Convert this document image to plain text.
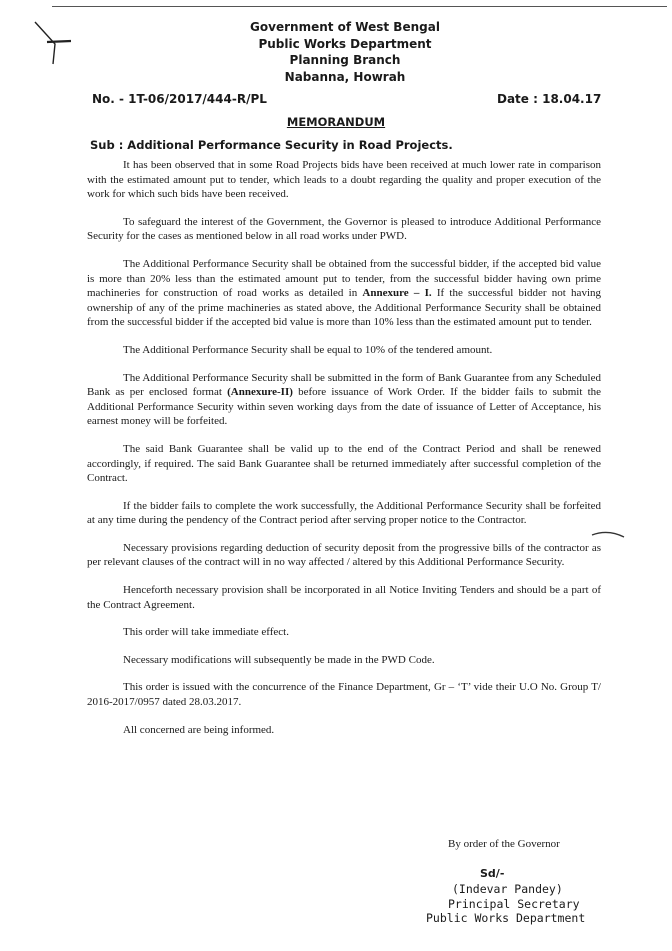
Government of West Bengal
Public Works Department
Planning Branch
Nabanna, Howrah
No. - 1T-06/2017/444-R/PL	Date : 18.04.17
MEMORANDUM
Sub : Additional Performance Security in Road Projects.

It has been observed that in some Road Projects bids have been received at much lower rate in comparison with the estimated amount put to tender, which leads to a doubt regarding the quality and proper execution of the work for which such bids have been received.

To safeguard the interest of the Government, the Governor is pleased to introduce Additional Performance Security for the cases as mentioned below in all road works under PWD.

The Additional Performance Security shall be obtained from the successful bidder, if the accepted bid value is more than 20% less than the estimated amount put to tender, from the successful bidder having own prime machineries for construction of road works as detailed in Annexure – I. If the successful bidder not having ownership of any of the prime machineries as stated above, the Additional Performance Security shall be obtained from the successful bidder if the accepted bid value is more than 10% less than the estimated amount put to tender.

The Additional Performance Security shall be equal to 10% of the tendered amount.

The Additional Performance Security shall be submitted in the form of Bank Guarantee from any Scheduled Bank as per enclosed format (Annexure-II) before issuance of Work Order. If the bidder fails to submit the Additional Performance Security within seven working days from the date of issuance of Letter of Acceptance, his earnest money will be forfeited.

The said Bank Guarantee shall be valid up to the end of the Contract Period and shall be renewed accordingly, if required. The said Bank Guarantee shall be returned immediately after successful completion of the Contract.

If the bidder fails to complete the work successfully, the Additional Performance Security shall be forfeited at any time during the pendency of the Contract period after serving proper notice to the Contractor.

Necessary provisions regarding deduction of security deposit from the progressive bills of the contractor as per relevant clauses of the contract will in no way affected / altered by this Additional Performance Security.

Henceforth necessary provision shall be incorporated in all Notice Inviting Tenders and should be a part of the Contract Agreement.

This order will take immediate effect.

Necessary modifications will subsequently be made in the PWD Code.

This order is issued with the concurrence of the Finance Department, Gr – ‘T’ vide their U.O No. Group T/ 2016-2017/0957 dated 28.03.2017.

All concerned are being informed.

By order of the Governor
Sd/-
(Indevar Pandey)
Principal Secretary
Public Works Department
